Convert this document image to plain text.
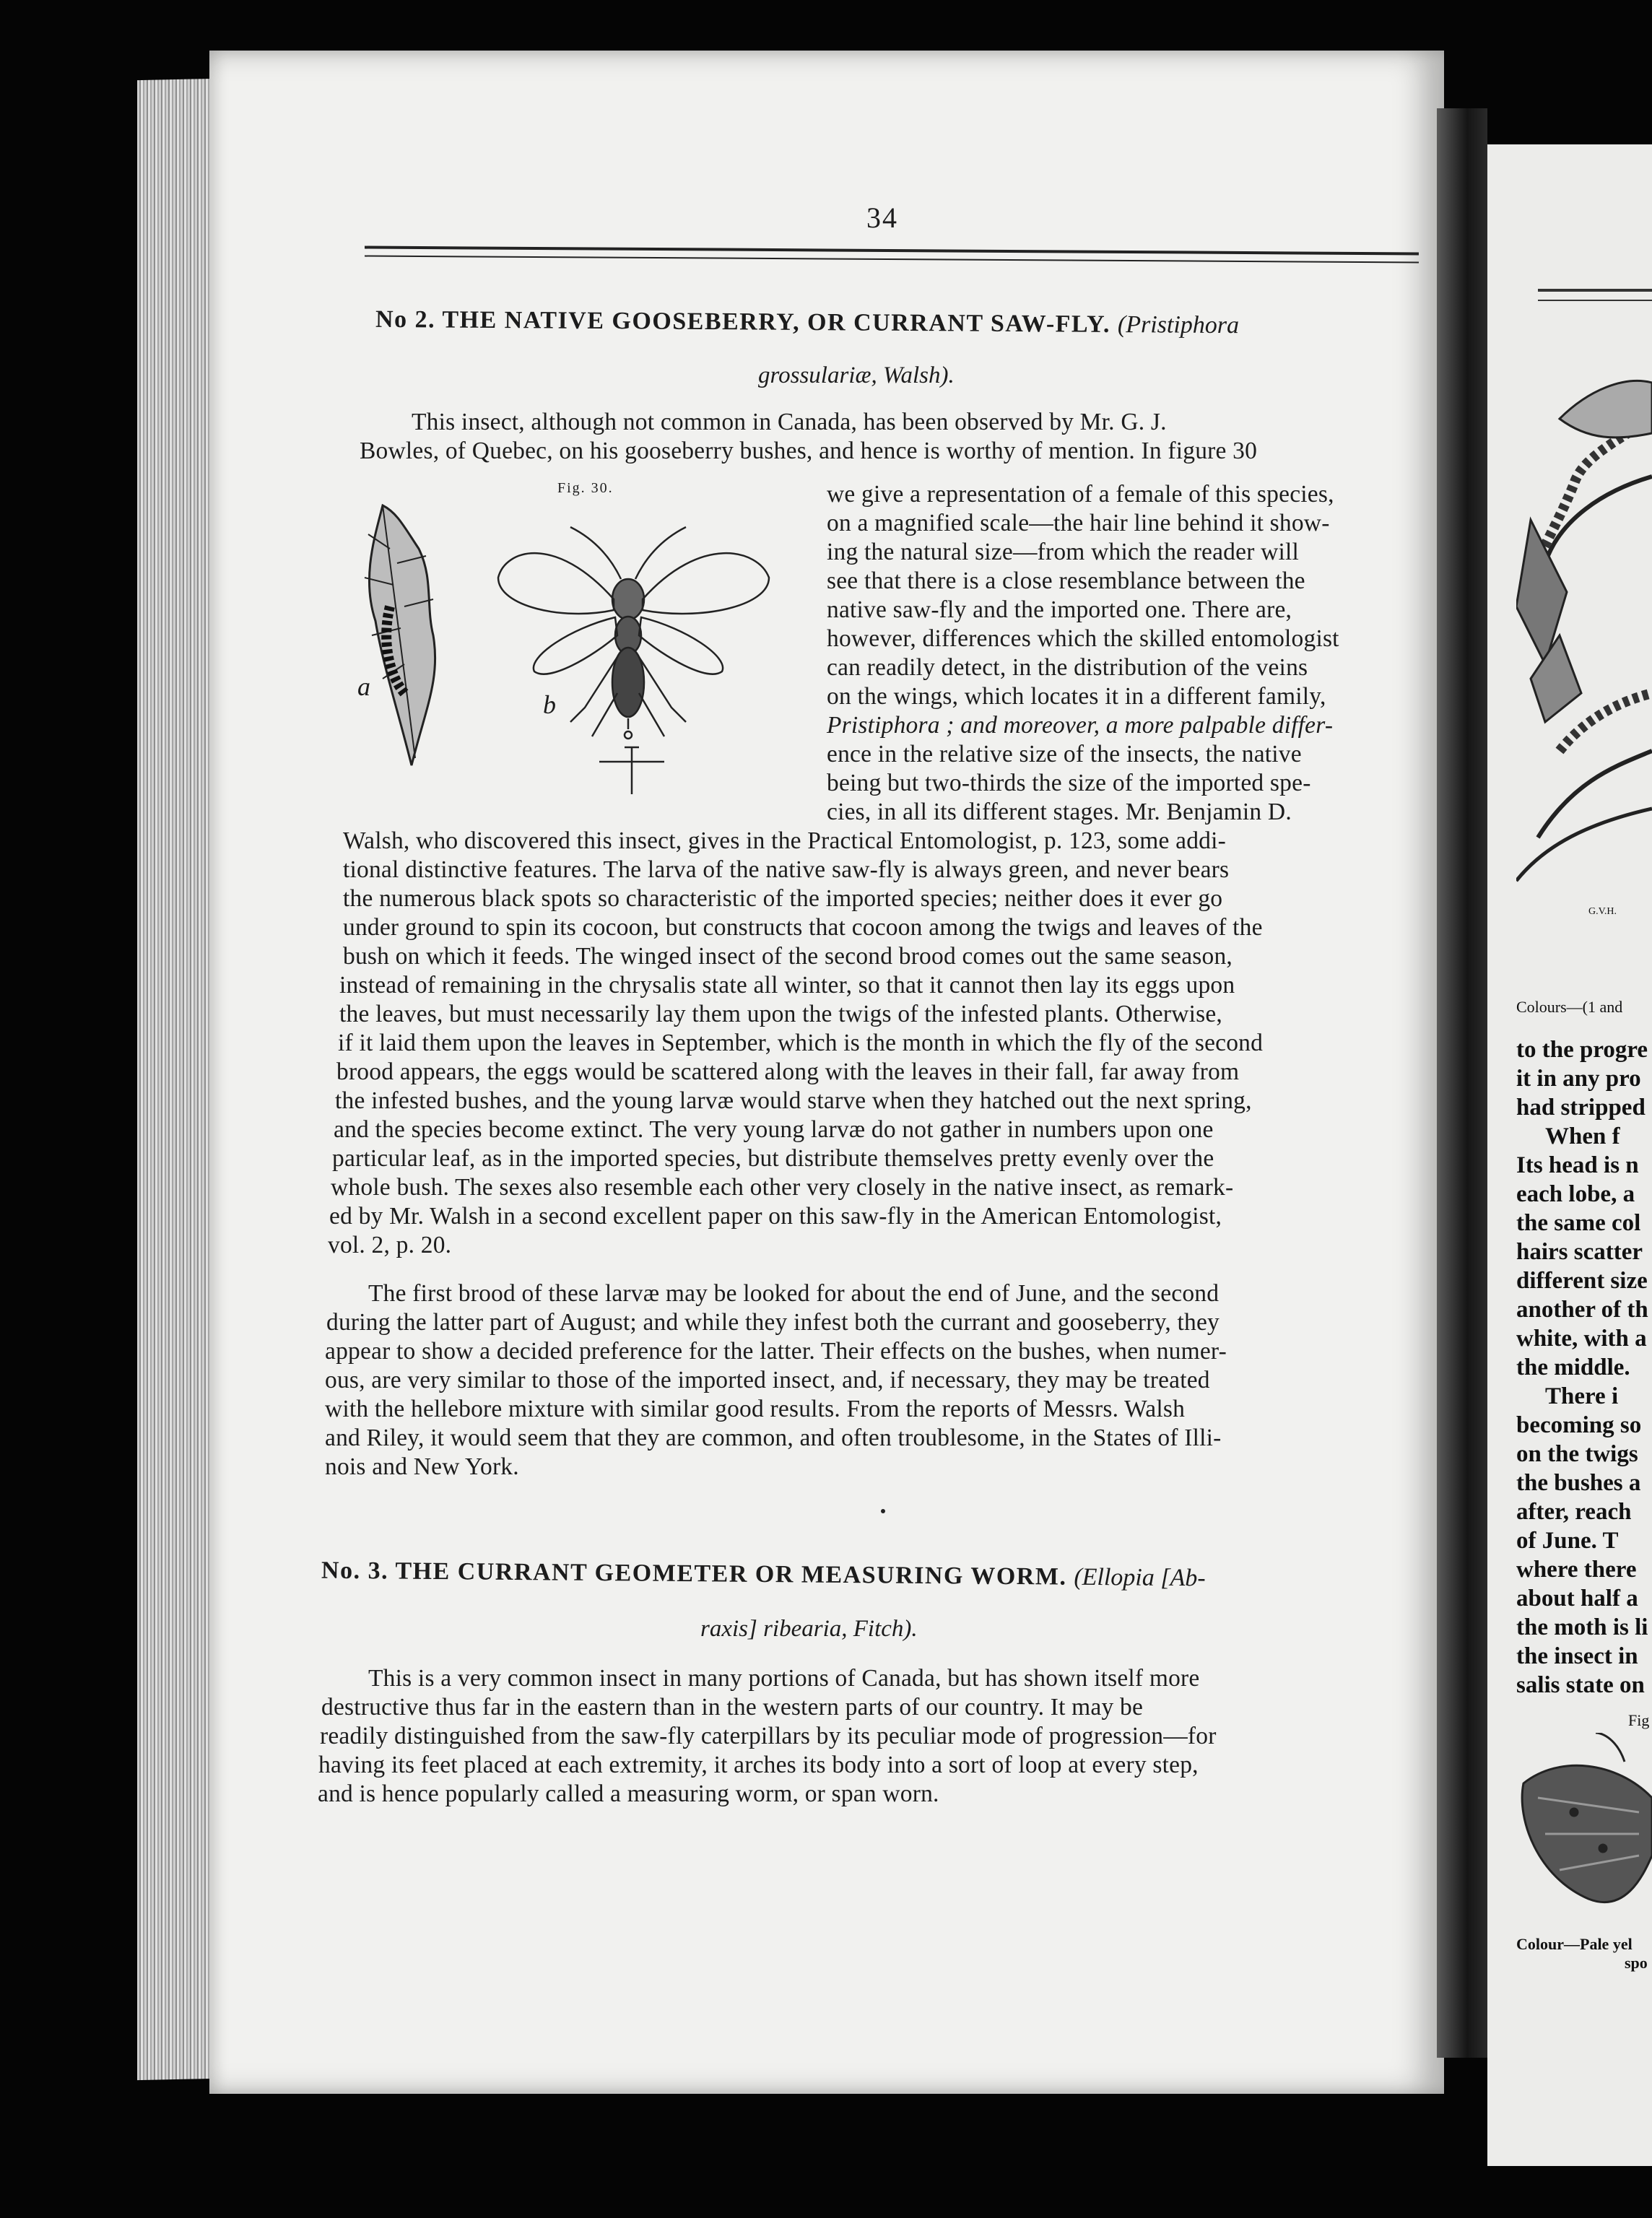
34
No 2. THE NATIVE GOOSEBERRY, OR CURRANT SAW-FLY. (Pristiphora
grossulariæ, Walsh).
Fig. 30.
a
b
This insect, although not common in Canada, has been observed by Mr. G. J.
Bowles, of Quebec, on his gooseberry bushes, and hence is worthy of mention. In figure 30
we give a representation of a female of this species,
on a magnified scale—the hair line behind it show-
ing the natural size—from which the reader will
see that there is a close resemblance between the
native saw-fly and the imported one. There are,
however, differences which the skilled entomologist
can readily detect, in the distribution of the veins
on the wings, which locates it in a different family,
Pristiphora ; and moreover, a more palpable differ-
ence in the relative size of the insects, the native
being but two-thirds the size of the imported spe-
cies, in all its different stages. Mr. Benjamin D.
Walsh, who discovered this insect, gives in the Practical Entomologist, p. 123, some addi-
tional distinctive features. The larva of the native saw-fly is always green, and never bears
the numerous black spots so characteristic of the imported species; neither does it ever go
under ground to spin its cocoon, but constructs that cocoon among the twigs and leaves of the
bush on which it feeds. The winged insect of the second brood comes out the same season,
instead of remaining in the chrysalis state all winter, so that it cannot then lay its eggs upon
the leaves, but must necessarily lay them upon the twigs of the infested plants. Otherwise,
if it laid them upon the leaves in September, which is the month in which the fly of the second
brood appears, the eggs would be scattered along with the leaves in their fall, far away from
the infested bushes, and the young larvæ would starve when they hatched out the next spring,
and the species become extinct. The very young larvæ do not gather in numbers upon one
particular leaf, as in the imported species, but distribute themselves pretty evenly over the
whole bush. The sexes also resemble each other very closely in the native insect, as remark-
ed by Mr. Walsh in a second excellent paper on this saw-fly in the American Entomologist,
vol. 2, p. 20.
The first brood of these larvæ may be looked for about the end of June, and the second
during the latter part of August; and while they infest both the currant and gooseberry, they
appear to show a decided preference for the latter. Their effects on the bushes, when numer-
ous, are very similar to those of the imported insect, and, if necessary, they may be treated
with the hellebore mixture with similar good results. From the reports of Messrs. Walsh
and Riley, it would seem that they are common, and often troublesome, in the States of Illi-
nois and New York.
No. 3. THE CURRANT GEOMETER OR MEASURING WORM. (Ellopia [Ab-
raxis] ribearia, Fitch).
This is a very common insect in many portions of Canada, but has shown itself more
destructive thus far in the eastern than in the western parts of our country. It may be
readily distinguished from the saw-fly caterpillars by its peculiar mode of progression—for
having its feet placed at each extremity, it arches its body into a sort of loop at every step,
and is hence popularly called a measuring worm, or span worn.
G.V.H.
Colours—(1 and
to the progre
it in any pro
had stripped
When f
Its head is n
each lobe, a
the same col
hairs scatter
different size
another of th
white, with a
the middle.
There i
becoming so
on the twigs
the bushes a
after, reach
of June. T
where there
about half a
the moth is li
the insect in
salis state on
Fig
Colour—Pale yel
spo
